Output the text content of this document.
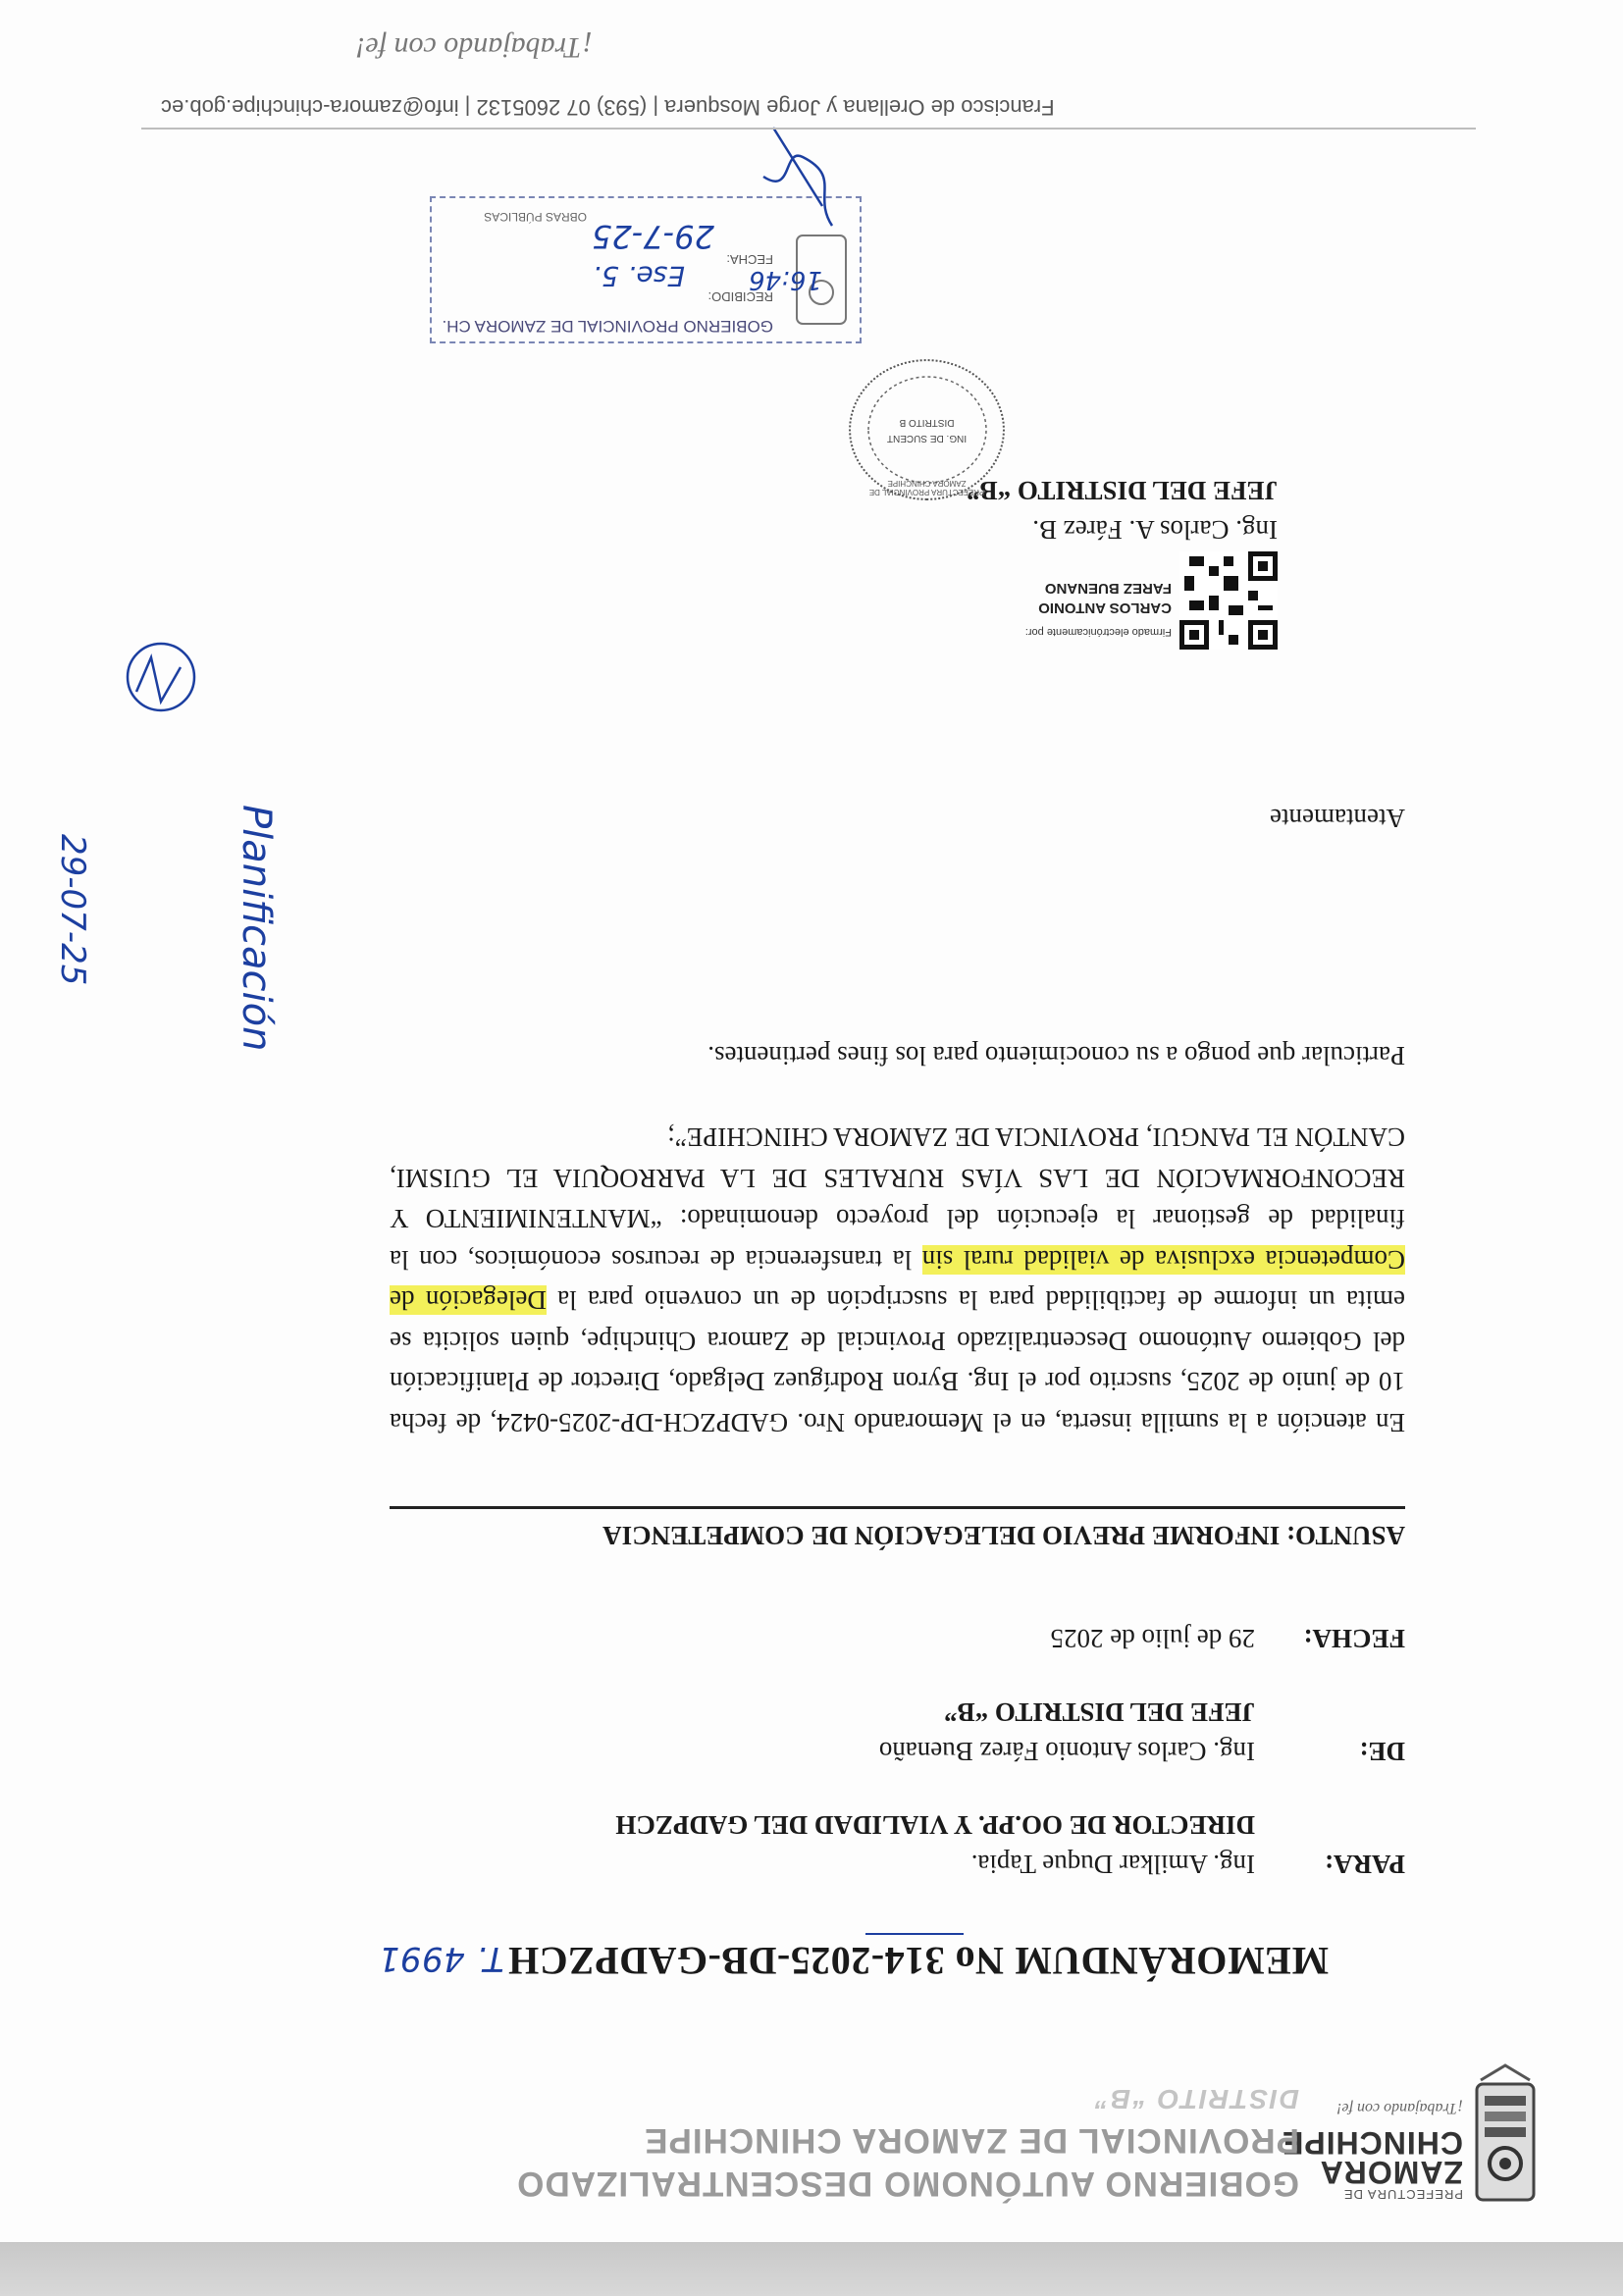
PREFECTURA DE
ZAMORA
CHINCHIPE
¡Trabajando con fe!
GOBIERNO AUTÓNOMO DESCENTRALIZADO
PROVINCIAL DE ZAMORA CHINCHIPE
DISTRITO “B”
MEMORÁNDUM No 314-2025-DB-GADPZCHT. 4991
PARA:
Ing. Amilkar Duque Tapia.
DIRECTOR DE OO.PP. Y VIALIDAD DEL GADPZCH
DE:
Ing. Carlos Antonio Fárez Buenaño
JEFE DEL DISTRITO “B”
FECHA:
29 de julio de 2025
ASUNTO: INFORME PREVIO DELEGACIÓN DE COMPETENCIA

En atención a la sumilla inserta, en el Memorando Nro. GADPZCH-DP-2025-0424, de fecha 10 de junio de 2025, suscrito por el Ing. Byron Rodríguez Delgado, Director de Planificación del Gobierno Autónomo Descentralizado Provincial de Zamora Chinchipe, quien solicita se emita un informe de factibilidad para la suscripción de un convenio para la Delegación de Competencia exclusiva de vialidad rural sin la transferencia de recursos económicos, con la finalidad de gestionar la ejecución del proyecto denominado: “MANTENIMIENTO Y RECONFORMACIÓN DE LAS VÍAS RURALES DE LA PARROQUIA EL GUISMI, CANTÓN EL PANGUI, PROVINCIA DE ZAMORA CHINCHIPE”;

Particular que pongo a su conocimiento para los fines pertinentes.

Atentamente

Firmado electrónicamente por:
CARLOS ANTONIO
FAREZ BUENANO
Ing. Carlos A. Fárez B.
JEFE DEL DISTRITO “B”
PREFECTURA PROVINCIAL DE ZAMORA CHINCHIPE
ING. DE SUCENT
DISTRITO B
GOBIERNO PROVINCIAL DE ZAMORA CH.
RECIBIDO:
FECHA:
OBRAS PÚBLICAS
Ese. 5.	16:46
29-7-25
Planificación
29-07-25
Francisco de Orellana y Jorge Mosquera | (593) 07 2605132 | info@zamora-chinchipe.gob.ec
¡Trabajando con fe!
